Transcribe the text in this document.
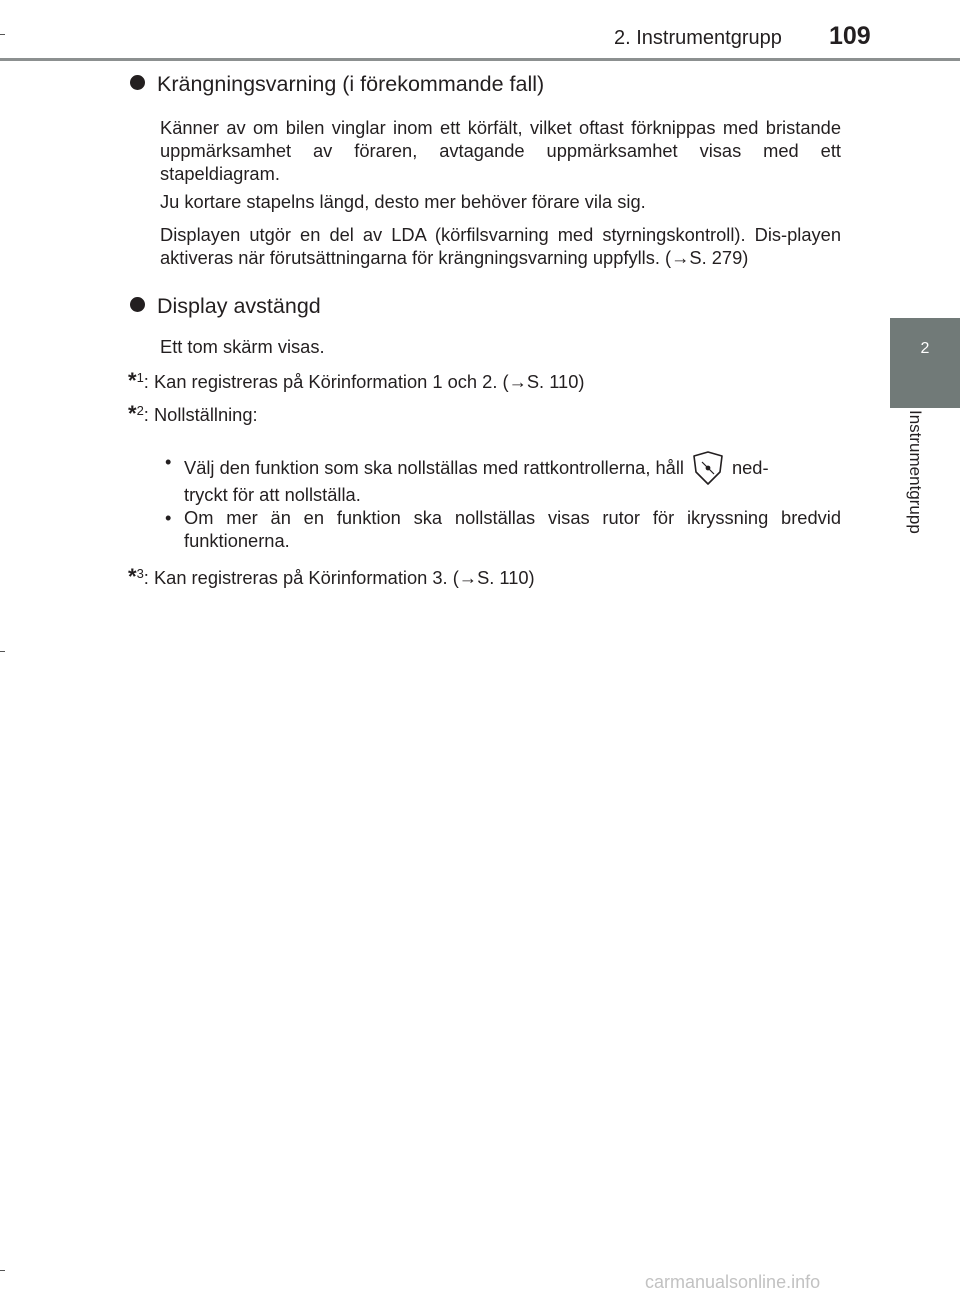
2. Instrumentgrupp 109
2
Instrumentgrupp
Krängningsvarning (i förekommande fall)
Känner av om bilen vinglar inom ett körfält, vilket oftast förknippas med bristande uppmärksamhet av föraren, avtagande uppmärksamhet visas med ett stapeldiagram.
Ju kortare stapelns längd, desto mer behöver förare vila sig.
Displayen utgör en del av LDA (körfilsvarning med styrningskontroll). Dis-playen aktiveras när förutsättningarna för krängningsvarning uppfylls. (→S. 279)
Display avstängd
Ett tom skärm visas.
*$^1$: Kan registreras på Körinformation 1 och 2. (→S. 110)
*$^2$: Nollställning:
• Välj den funktion som ska nollställas med rattkontrollerna, håll	ned-
tryckt för att nollställa.
• Om mer än en funktion ska nollställas visas rutor för ikryssning bredvid funktionerna.
*$^3$: Kan registreras på Körinformation 3. (→S. 110)
carmanualsonline.info
